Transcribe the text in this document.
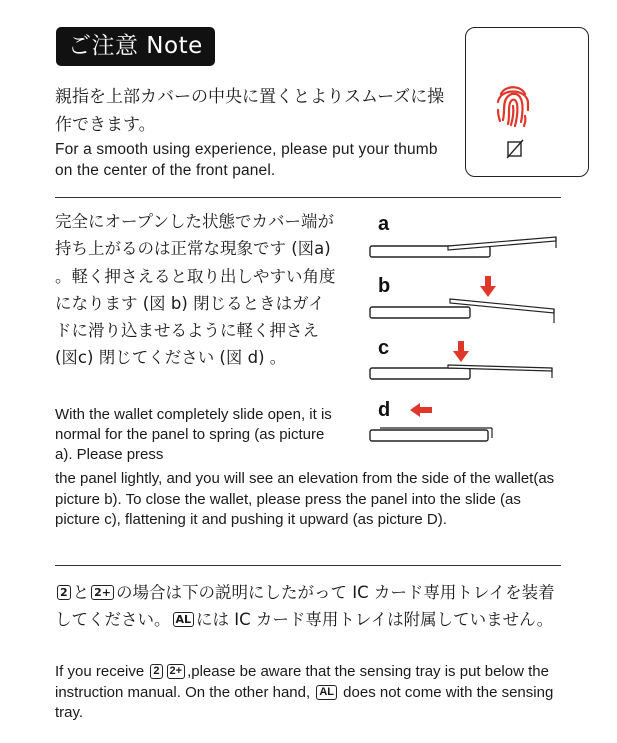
ご注意 Note
親指を上部カバーの中央に置くとよりスムーズに操作できます。
For a smooth using experience, please put your thumb on the center of the front panel.
完全にオープンした状態でカバー端が持ち上がるのは正常な現象です (図a) 。軽く押さえると取り出しやすい角度になります (図 b) 閉じるときはガイドに滑り込ませるように軽く押さえ (図c) 閉じてください (図 d) 。
With the wallet completely slide open, it is normal for the panel to spring (as picture a). Please press
the panel lightly, and you will see an elevation from the side of the wallet(as picture b). To close the wallet, please press the panel into the slide (as picture c), flattening it and pushing it upward (as picture D).
a
b
c
d
2 と 2+ の場合は下の説明にしたがって IC カード専用トレイを装着してください。 AL には IC カード専用トレイは附属していません。
If you receive 2 2+ ,please be aware that the sensing tray is put below the instruction manual. On the other hand, AL does not come with the sensing tray.
